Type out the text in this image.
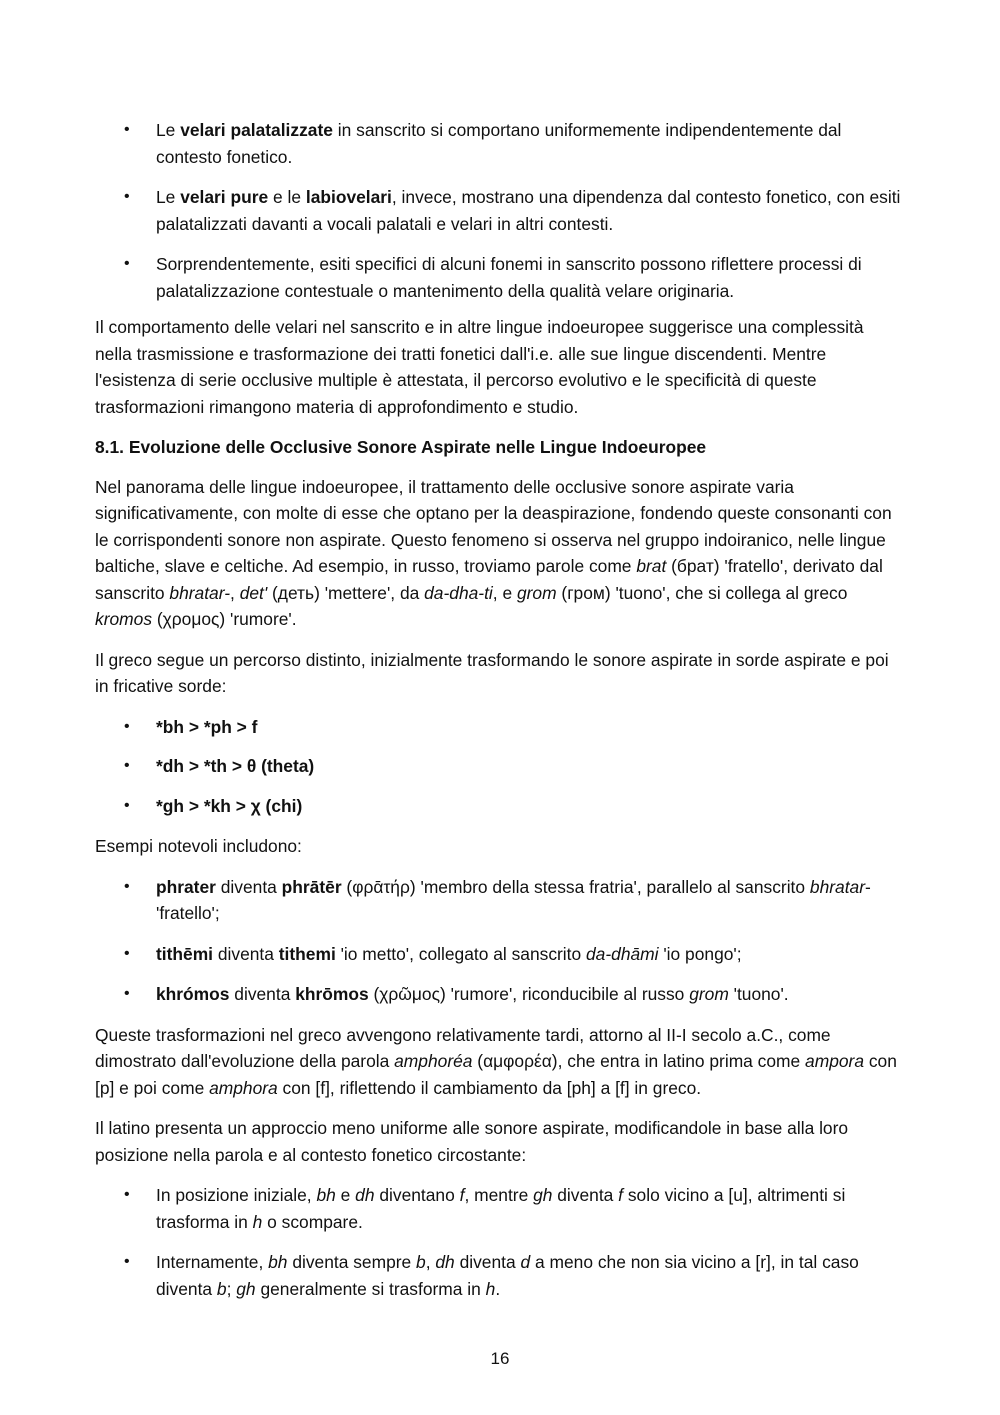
• Le velari palatalizzate in sanscrito si comportano uniformemente indipendentemente dal contesto fonetico.
• Le velari pure e le labiovelari, invece, mostrano una dipendenza dal contesto fonetico, con esiti palatalizzati davanti a vocali palatali e velari in altri contesti.
• Sorprendentemente, esiti specifici di alcuni fonemi in sanscrito possono riflettere processi di palatalizzazione contestuale o mantenimento della qualità velare originaria.

Il comportamento delle velari nel sanscrito e in altre lingue indoeuropee suggerisce una complessità nella trasmissione e trasformazione dei tratti fonetici dall'i.e. alle sue lingue discendenti. Mentre l'esistenza di serie occlusive multiple è attestata, il percorso evolutivo e le specificità di queste trasformazioni rimangono materia di approfondimento e studio.

8.1. Evoluzione delle Occlusive Sonore Aspirate nelle Lingue Indoeuropee

Nel panorama delle lingue indoeuropee, il trattamento delle occlusive sonore aspirate varia significativamente, con molte di esse che optano per la deaspirazione, fondendo queste consonanti con le corrispondenti sonore non aspirate. Questo fenomeno si osserva nel gruppo indoiranico, nelle lingue baltiche, slave e celtiche. Ad esempio, in russo, troviamo parole come brat (брат) 'fratello', derivato dal sanscrito bhratar-, det' (деть) 'mettere', da da-dha-ti, e grom (гром) 'tuono', che si collega al greco kromos (χρομος) 'rumore'.

Il greco segue un percorso distinto, inizialmente trasformando le sonore aspirate in sorde aspirate e poi in fricative sorde:

• *bh > *ph > f
• *dh > *th > θ (theta)
• *gh > *kh > χ (chi)

Esempi notevoli includono:

• phrater diventa phrātēr (φρᾱτήρ) 'membro della stessa fratria', parallelo al sanscrito bhratar- 'fratello';
• tithēmi diventa tithemi 'io metto', collegato al sanscrito da-dhāmi 'io pongo';
• khrómos diventa khrōmos (χρῶμος) 'rumore', riconducibile al russo grom 'tuono'.

Queste trasformazioni nel greco avvengono relativamente tardi, attorno al II-I secolo a.C., come dimostrato dall'evoluzione della parola amphoréa (αμφορέα), che entra in latino prima come ampora con [p] e poi come amphora con [f], riflettendo il cambiamento da [ph] a [f] in greco.

Il latino presenta un approccio meno uniforme alle sonore aspirate, modificandole in base alla loro posizione nella parola e al contesto fonetico circostante:

• In posizione iniziale, bh e dh diventano f, mentre gh diventa f solo vicino a [u], altrimenti si trasforma in h o scompare.
• Internamente, bh diventa sempre b, dh diventa d a meno che non sia vicino a [r], in tal caso diventa b; gh generalmente si trasforma in h.
16
